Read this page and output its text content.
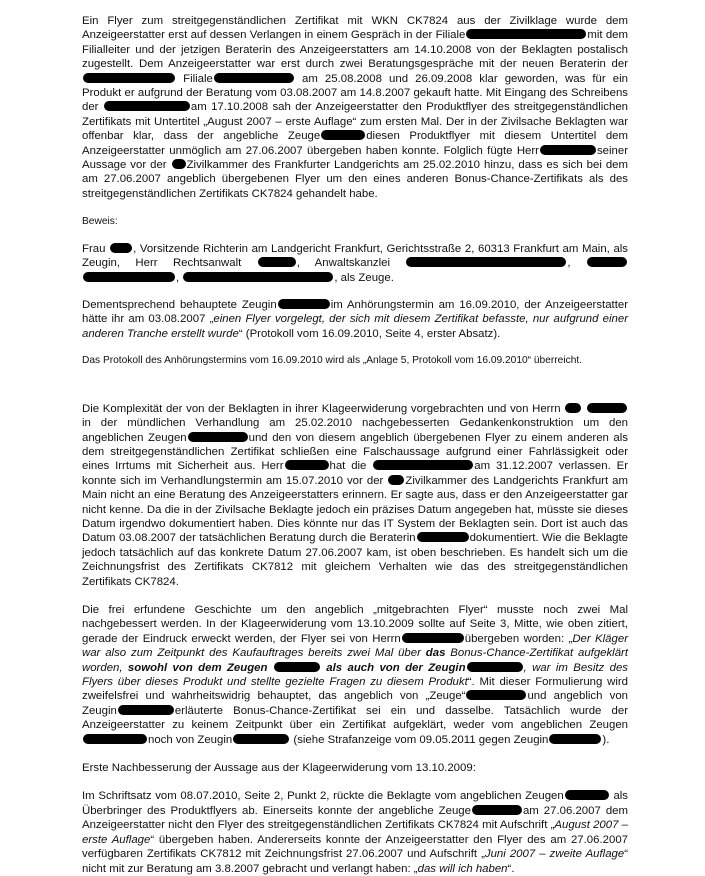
Ein Flyer zum streitgegenständlichen Zertifikat mit WKN CK7824 aus der Zivilklage wurde dem Anzeigeerstatter erst auf dessen Verlangen in einem Gespräch in der Filiale	mit dem Filialleiter und der jetzigen Beraterin des Anzeigeerstatters am 14.10.2008 von der Beklagten postalisch zugestellt. Dem Anzeigeerstatter war erst durch zwei Beratungsgespräche mit der neuen Beraterin der Filiale	am 25.08.2008 und 26.09.2008 klar geworden, was für ein Produkt er aufgrund der Beratung vom 03.08.2007 am 14.8.2007 gekauft hatte. Mit Eingang des Schreibens der	am 17.10.2008 sah der Anzeigeerstatter den Produktflyer des streitgegenständlichen Zertifikats mit Untertitel „August 2007 – erste Auflage“ zum ersten Mal. Der in der Zivilsache Beklagten war offenbar klar, dass der angebliche Zeuge	diesen Produktflyer mit diesem Untertitel dem Anzeigeerstatter unmöglich am 27.06.2007 übergeben haben konnte. Folglich fügte Herr	seiner Aussage vor der Zivilkammer des Frankfurter Landgerichts am 25.02.2010 hinzu, dass es sich bei dem am 27.06.2007 angeblich übergebenen Flyer um den eines anderen Bonus-Chance-Zertifikats als des streitgegenständlichen Zertifikats CK7824 gehandelt habe.

Beweis:

Frau , Vorsitzende Richterin am Landgericht Frankfurt, Gerichtsstraße 2, 60313 Frankfurt am Main, als Zeugin, Herr Rechtsanwalt	, Anwaltskanzlei	,  ,	, als Zeuge.

Dementsprechend behauptete Zeugin	im Anhörungstermin am 16.09.2010, der Anzeigeerstatter hätte ihr am 03.08.2007 „einen Flyer vorgelegt, der sich mit diesem Zertifikat befasste, nur aufgrund einer anderen Tranche erstellt wurde“ (Protokoll vom 16.09.2010, Seite 4, erster Absatz).

Das Protokoll des Anhörungstermins vom 16.09.2010 wird als „Anlage 5, Protokoll vom 16.09.2010“ überreicht.

Die Komplexität der von der Beklagten in ihrer Klageerwiderung vorgebrachten und von Herrn   in der mündlichen Verhandlung am 25.02.2010 nachgebesserten Gedankenkonstruktion um den angeblichen Zeugen	und den von diesem angeblich übergebenen Flyer zu einem anderen als dem streitgegenständlichen Zertifikat schließen eine Falschaussage aufgrund einer Fahrlässigkeit oder eines Irrtums mit Sicherheit aus. Herr	hat die	am 31.12.2007 verlassen. Er konnte sich im Verhandlungstermin am 15.07.2010 vor der Zivilkammer des Landgerichts Frankfurt am Main nicht an eine Beratung des Anzeigeerstatters erinnern. Er sagte aus, dass er den Anzeigeerstatter gar nicht kenne. Da die in der Zivilsache Beklagte jedoch ein präzises Datum angegeben hat, müsste sie dieses Datum irgendwo dokumentiert haben. Dies könnte nur das IT System der Beklagten sein. Dort ist auch das Datum 03.08.2007 der tatsächlichen Beratung durch die Beraterin	dokumentiert. Wie die Beklagte jedoch tatsächlich auf das konkrete Datum 27.06.2007 kam, ist oben beschrieben. Es handelt sich um die Zeichnungsfrist des Zertifikats CK7812 mit gleichem Verhalten wie das des streitgegenständlichen Zertifikats CK7824.

Die frei erfundene Geschichte um den angeblich „mitgebrachten Flyer“ musste noch zwei Mal nachgebessert werden. In der Klageerwiderung vom 13.10.2009 sollte auf Seite 3, Mitte, wie oben zitiert, gerade der Eindruck erweckt werden, der Flyer sei von Herrn	übergeben worden: „Der Kläger war also zum Zeitpunkt des Kaufauftrages bereits zwei Mal über das Bonus-Chance-Zertifikat aufgeklärt worden, sowohl von dem Zeugen	als auch von der Zeugin	, war im Besitz des Flyers über dieses Produkt und stellte gezielte Fragen zu diesem Produkt“. Mit dieser Formulierung wird zweifelsfrei und wahrheitswidrig behauptet, das angeblich von „Zeuge“	und angeblich von Zeugin	erläuterte Bonus-Chance-Zertifikat sei ein und dasselbe. Tatsächlich wurde der Anzeigeerstatter zu keinem Zeitpunkt über ein Zertifikat aufgeklärt, weder vom angeblichen Zeugennoch von Zeugin	(siehe Strafanzeige vom 09.05.2011 gegen Zeugin	).

Erste Nachbesserung der Aussage aus der Klageerwiderung vom 13.10.2009:

Im Schriftsatz vom 08.07.2010, Seite 2, Punkt 2, rückte die Beklagte vom angeblichen Zeugen	als Überbringer des Produktflyers ab. Einerseits konnte der angebliche Zeuge	am 27.06.2007 dem Anzeigeerstatter nicht den Flyer des streitgegenständlichen Zertifikats CK7824 mit Aufschrift „August 2007 – erste Auflage“ übergeben haben. Andererseits konnte der Anzeigeerstatter den Flyer des am 27.06.2007 verfügbaren Zertifikats CK7812 mit Zeichnungsfrist 27.06.2007 und Aufschrift „Juni 2007 – zweite Auflage“ nicht mit zur Beratung am 3.8.2007 gebracht und verlangt haben: „das will ich haben“.
